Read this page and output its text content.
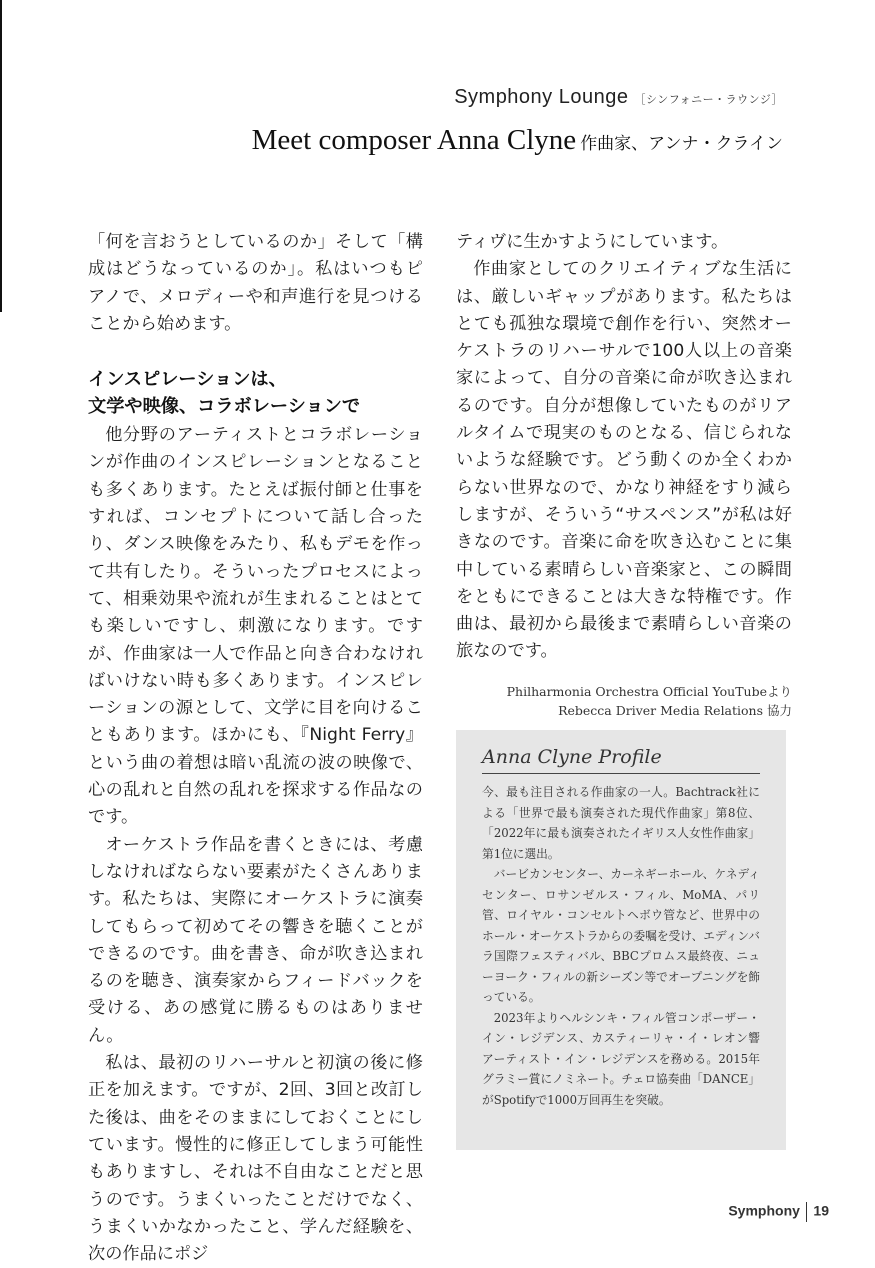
Symphony Lounge ［シンフォニー・ラウンジ］
Meet composer Anna Clyne 作曲家、アンナ・クライン

「何を言おうとしているのか」そして「構成はどうなっているのか」。私はいつもピアノで、メロディーや和声進行を見つけることから始めます。

インスピレーションは、
文学や映像、コラボレーションで

他分野のアーティストとコラボレーションが作曲のインスピレーションとなることも多くあります。たとえば振付師と仕事をすれば、コンセプトについて話し合ったり、ダンス映像をみたり、私もデモを作って共有したり。そういったプロセスによって、相乗効果や流れが生まれることはとても楽しいですし、刺激になります。ですが、作曲家は一人で作品と向き合わなければいけない時も多くあります。インスピレーションの源として、文学に目を向けることもあります。ほかにも、『Night Ferry』という曲の着想は暗い乱流の波の映像で、心の乱れと自然の乱れを探求する作品なのです。

オーケストラ作品を書くときには、考慮しなければならない要素がたくさんあります。私たちは、実際にオーケストラに演奏してもらって初めてその響きを聴くことができるのです。曲を書き、命が吹き込まれるのを聴き、演奏家からフィードバックを受ける、あの感覚に勝るものはありません。

私は、最初のリハーサルと初演の後に修正を加えます。ですが、2回、3回と改訂した後は、曲をそのままにしておくことにしています。慢性的に修正してしまう可能性もありますし、それは不自由なことだと思うのです。うまくいったことだけでなく、うまくいかなかったこと、学んだ経験を、次の作品にポジ

ティヴに生かすようにしています。

作曲家としてのクリエイティブな生活には、厳しいギャップがあります。私たちはとても孤独な環境で創作を行い、突然オーケストラのリハーサルで100人以上の音楽家によって、自分の音楽に命が吹き込まれるのです。自分が想像していたものがリアルタイムで現実のものとなる、信じられないような経験です。どう動くのか全くわからない世界なので、かなり神経をすり減らしますが、そういう“サスペンス”が私は好きなのです。音楽に命を吹き込むことに集中している素晴らしい音楽家と、この瞬間をともにできることは大きな特権です。作曲は、最初から最後まで素晴らしい音楽の旅なのです。

Philharmonia Orchestra Official YouTubeより
Rebecca Driver Media Relations 協力
Anna Clyne Profile

今、最も注目される作曲家の一人。Bachtrack社による「世界で最も演奏された現代作曲家」第8位、「2022年に最も演奏されたイギリス人女性作曲家」第1位に選出。

バービカンセンター、カーネギーホール、ケネディセンター、ロサンゼルス・フィル、MoMA、パリ管、ロイヤル・コンセルトヘボウ管など、世界中のホール・オーケストラからの委嘱を受け、エディンバラ国際フェスティバル、BBCプロムス最終夜、ニューヨーク・フィルの新シーズン等でオープニングを飾っている。

2023年よりヘルシンキ・フィル管コンポーザー・イン・レジデンス、カスティーリャ・イ・レオン響アーティスト・イン・レジデンスを務める。2015年グラミー賞にノミネート。チェロ協奏曲「DANCE」がSpotifyで1000万回再生を突破。

Symphony 19
